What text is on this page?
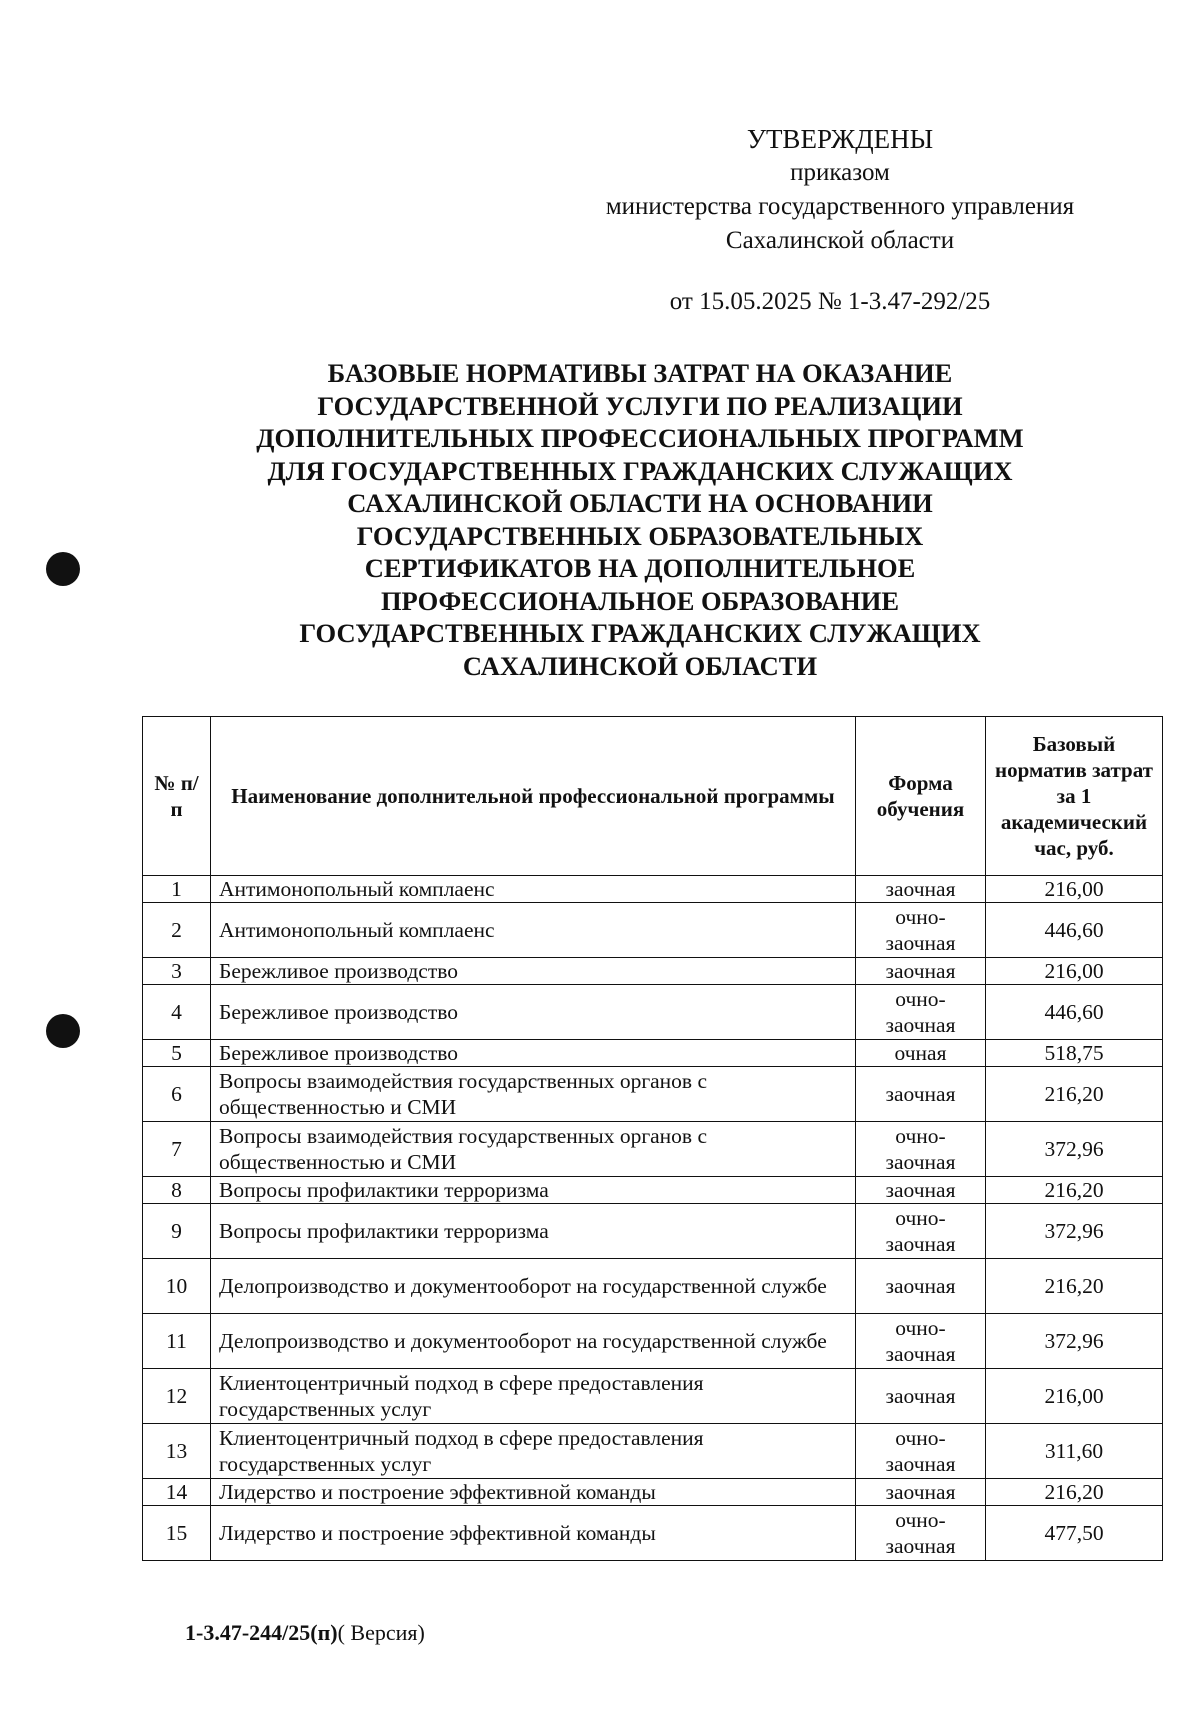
УТВЕРЖДЕНЫ
приказом
министерства государственного управления
Сахалинской области
от 15.05.2025 № 1-3.47-292/25
БАЗОВЫЕ НОРМАТИВЫ ЗАТРАТ НА ОКАЗАНИЕ ГОСУДАРСТВЕННОЙ УСЛУГИ ПО РЕАЛИЗАЦИИ ДОПОЛНИТЕЛЬНЫХ ПРОФЕССИОНАЛЬНЫХ ПРОГРАММ ДЛЯ ГОСУДАРСТВЕННЫХ ГРАЖДАНСКИХ СЛУЖАЩИХ САХАЛИНСКОЙ ОБЛАСТИ НА ОСНОВАНИИ ГОСУДАРСТВЕННЫХ ОБРАЗОВАТЕЛЬНЫХ СЕРТИФИКАТОВ НА ДОПОЛНИТЕЛЬНОЕ ПРОФЕССИОНАЛЬНОЕ ОБРАЗОВАНИЕ ГОСУДАРСТВЕННЫХ ГРАЖДАНСКИХ СЛУЖАЩИХ САХАЛИНСКОЙ ОБЛАСТИ
№ п/п	Наименование дополнительной профессиональной программы	Форма обучения	Базовый норматив затрат за 1 академический час, руб.
1	Антимонопольный комплаенс	заочная	216,00
2	Антимонопольный комплаенс	очно-заочная	446,60
3	Бережливое производство	заочная	216,00
4	Бережливое производство	очно-заочная	446,60
5	Бережливое производство	очная	518,75
6	Вопросы взаимодействия государственных органов с общественностью и СМИ	заочная	216,20
7	Вопросы взаимодействия государственных органов с общественностью и СМИ	очно-заочная	372,96
8	Вопросы профилактики терроризма	заочная	216,20
9	Вопросы профилактики терроризма	очно-заочная	372,96
10	Делопроизводство и документооборот на государственной службе	заочная	216,20
11	Делопроизводство и документооборот на государственной службе	очно-заочная	372,96
12	Клиентоцентричный подход в сфере предоставления государственных услуг	заочная	216,00
13	Клиентоцентричный подход в сфере предоставления государственных услуг	очно-заочная	311,60
14	Лидерство и построение эффективной команды	заочная	216,20
15	Лидерство и построение эффективной команды	очно-заочная	477,50
1-3.47-244/25(п)( Версия)
